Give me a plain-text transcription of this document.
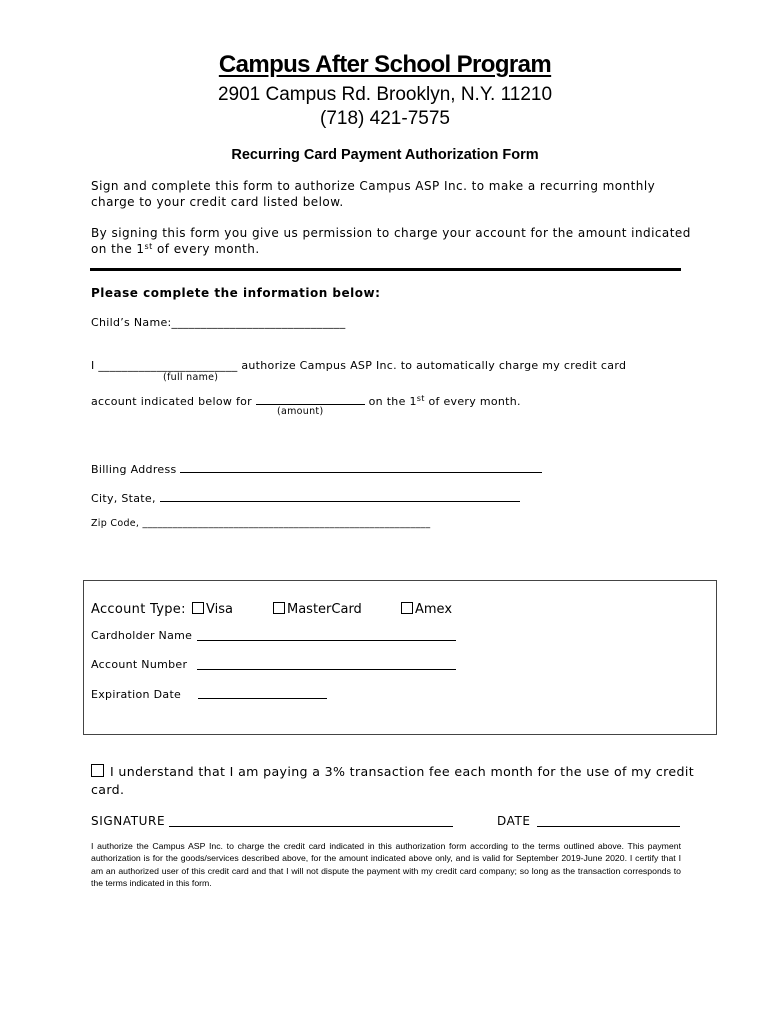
Campus After School Program
2901 Campus Rd. Brooklyn, N.Y. 11210
(718) 421-7575
Recurring Card Payment Authorization Form
Sign and complete this form to authorize Campus ASP Inc. to make a recurring monthly
charge to your credit card listed below.
By signing this form you give us permission to charge your account for the amount indicated
on the 1st of every month.
Please complete the information below:
Child’s Name:______________________________
I ________________________ authorize Campus ASP Inc. to automatically charge my credit card
(full name)
account indicated below for	on the 1st of every month.
(amount)
Billing Address
City, State,
Zip Code, _________________________________________________________
Account Type:	Visa	MasterCard	Amex
Cardholder Name
Account Number
Expiration Date
I understand that I am paying a 3% transaction fee each month for the use of my credit
card.
SIGNATURE	DATE
I authorize the Campus ASP Inc. to charge the credit card indicated in this authorization form according to the terms outlined above. This payment authorization is for the goods/services described above, for the amount indicated above only, and is valid for September 2019-June 2020. I certify that I am an authorized user of this credit card and that I will not dispute the payment with my credit card company; so long as the transaction corresponds to the terms indicated in this form.
